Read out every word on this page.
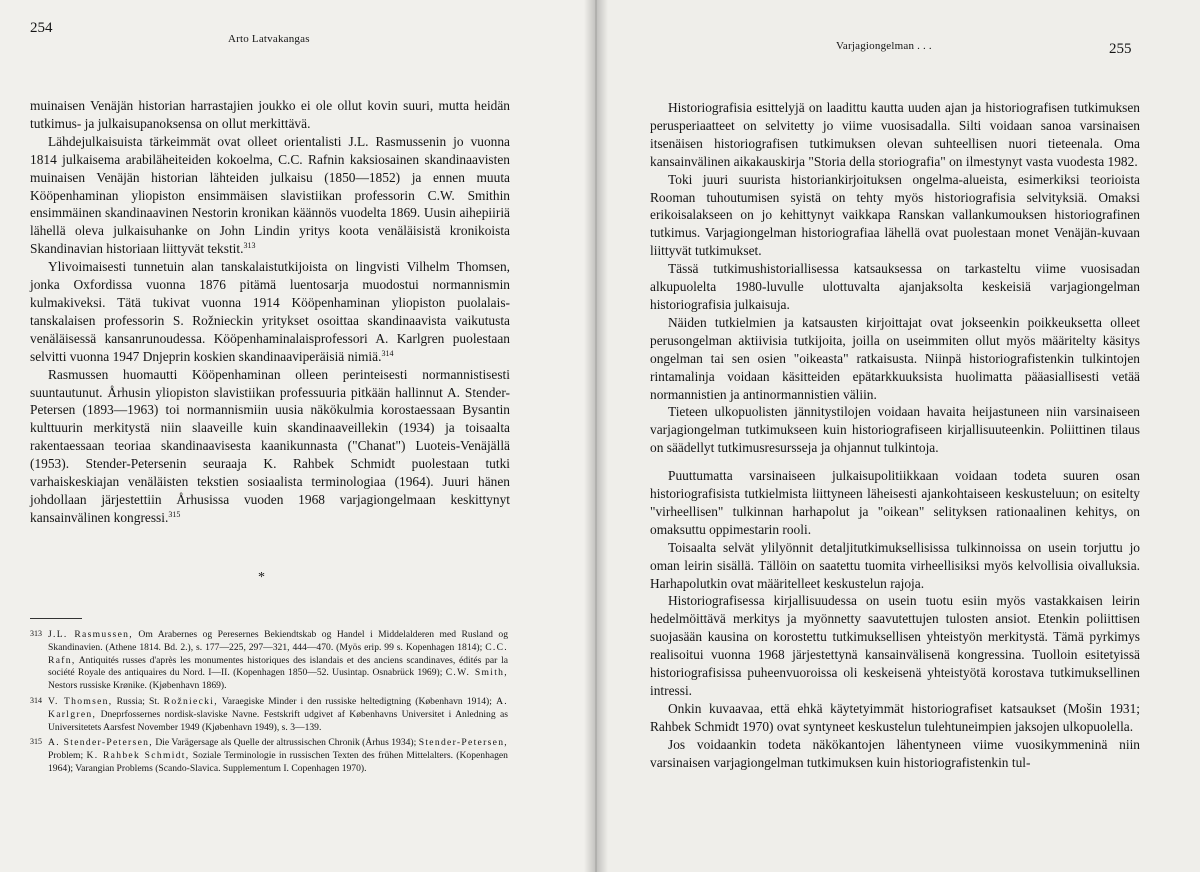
254
Arto Latvakangas

muinaisen Venäjän historian harrastajien joukko ei ole ollut kovin suuri, mutta heidän tutkimus- ja julkaisupanoksensa on ollut merkittävä.

Lähdejulkaisuista tärkeimmät ovat olleet orientalisti J.L. Rasmussenin jo vuonna 1814 julkaisema arabiläheiteiden kokoelma, C.C. Rafnin kaksiosainen skandinaavisten muinaisen Venäjän historian lähteiden julkaisu (1850—1852) ja ennen muuta Kööpenhaminan yliopiston ensimmäisen slavistiikan professorin C.W. Smithin ensimmäinen skandinaavinen Nestorin kronikan käännös vuodelta 1869. Uusin aihepiiriä lähellä oleva julkaisuhanke on John Lindin yritys koota venäläisistä kronikoista Skandinavian historiaan liittyvät tekstit.$^{313}$

Ylivoimaisesti tunnetuin alan tanskalaistutkijoista on lingvisti Vilhelm Thomsen, jonka Oxfordissa vuonna 1876 pitämä luentosarja muodostui normannismin kulmakiveksi. Tätä tukivat vuonna 1914 Kööpenhaminan yliopiston puolalais-tanskalaisen professorin S. Rožnieckin yritykset osoittaa skandinaavista vaikutusta venäläisessä kansanrunoudessa. Kööpenhaminalaisprofessori A. Karlgren puolestaan selvitti vuonna 1947 Dnjeprin koskien skandinaaviperäisiä nimiä.$^{314}$

Rasmussen huomautti Kööpenhaminan olleen perinteisesti normannistisesti suuntautunut. Århusin yliopiston slavistiikan professuuria pitkään hallinnut A. Stender-Petersen (1893—1963) toi normannismiin uusia näkökulmia korostaessaan Bysantin kulttuurin merkitystä niin slaaveille kuin skandinaaveillekin (1934) ja toisaalta rakentaessaan teoriaa skandinaavisesta kaanikunnasta ("Chanat") Luoteis-Venäjällä (1953). Stender-Petersenin seuraaja K. Rahbek Schmidt puolestaan tutki varhaiskeskiajan venäläisten tekstien sosiaalista terminologiaa (1964). Juuri hänen johdollaan järjestettiin Århusissa vuoden 1968 varjagiongelmaan keskittynyt kansainvälinen kongressi.$^{315}$

*
313 J.L. Rasmussen, Om Arabernes og Peresernes Bekiendtskab og Handel i Middelalderen med Rusland og Skandinavien. (Athene 1814. Bd. 2.), s. 177—225, 297—321, 444—470. (Myös erip. 99 s. Kopenhagen 1814); C.C. Rafn, Antiquités russes d'après les monumentes historiques des islandais et des anciens scandinaves, édités par la société Royale des antiquaires du Nord. I—II. (Kopenhagen 1850—52. Uusintap. Osnabrück 1969); C.W. Smith, Nestors russiske Krønike. (Kjøbenhavn 1869).
314 V. Thomsen, Russia; St. Rožniecki, Varaegiske Minder i den russiske heltedigtning (København 1914); A. Karlgren, Dneprfossernes nordisk-slaviske Navne. Festskrift udgivet af Københavns Universitet i Anledning as Universitetets Aarsfest November 1949 (Kjøbenhavn 1949), s. 3—139.
315 A. Stender-Petersen, Die Varägersage als Quelle der altrussischen Chronik (Århus 1934); Stender-Petersen, Problem; K. Rahbek Schmidt, Soziale Terminologie in russischen Texten des frühen Mittelalters. (Kopenhagen 1964); Varangian Problems (Scando-Slavica. Supplementum I. Copenhagen 1970).
Varjagiongelman . . .	255

Historiografisia esittelyjä on laadittu kautta uuden ajan ja historiografisen tutkimuksen perusperiaatteet on selvitetty jo viime vuosisadalla. Silti voidaan sanoa varsinaisen itsenäisen historiografisen tutkimuksen olevan suhteellisen nuori tieteenala. Oma kansainvälinen aikakauskirja "Storia della storiografia" on ilmestynyt vasta vuodesta 1982.

Toki juuri suurista historiankirjoituksen ongelma-alueista, esimerkiksi teorioista Rooman tuhoutumisen syistä on tehty myös historiografisia selvityksiä. Omaksi erikoisalakseen on jo kehittynyt vaikkapa Ranskan vallankumouksen historiografinen tutkimus. Varjagiongelman historiografiaa lähellä ovat puolestaan monet Venäjän-kuvaan liittyvät tutkimukset.

Tässä tutkimushistoriallisessa katsauksessa on tarkasteltu viime vuosisadan alkupuolelta 1980-luvulle ulottuvalta ajanjaksolta keskeisiä varjagiongelman historiografisia julkaisuja.

Näiden tutkielmien ja katsausten kirjoittajat ovat jokseenkin poikkeuksetta olleet perusongelman aktiivisia tutkijoita, joilla on useimmiten ollut myös määritelty käsitys ongelman tai sen osien "oikeasta" ratkaisusta. Niinpä historiografistenkin tulkintojen rintamalinja voidaan käsitteiden epätarkkuuksista huolimatta pääasiallisesti vetää normannistien ja antinormannistien väliin.

Tieteen ulkopuolisten jännitystilojen voidaan havaita heijastuneen niin varsinaiseen varjagiongelman tutkimukseen kuin historiografiseen kirjallisuuteenkin. Poliittinen tilaus on säädellyt tutkimusresursseja ja ohjannut tulkintoja.

Puuttumatta varsinaiseen julkaisupolitiikkaan voidaan todeta suuren osan historiografisista tutkielmista liittyneen läheisesti ajankohtaiseen keskusteluun; on esitelty "virheellisen" tulkinnan harhapolut ja "oikean" selityksen rationaalinen kehitys, on omaksuttu oppimestarin rooli.

Toisaalta selvät ylilyönnit detaljitutkimuksellisissa tulkinnoissa on usein torjuttu jo oman leirin sisällä. Tällöin on saatettu tuomita virheellisiksi myös kelvollisia oivalluksia. Harhapolutkin ovat määritelleet keskustelun rajoja.

Historiografisessa kirjallisuudessa on usein tuotu esiin myös vastakkaisen leirin hedelmöittävä merkitys ja myönnetty saavutettujen tulosten ansiot. Etenkin poliittisen suojasään kausina on korostettu tutkimuksellisen yhteistyön merkitystä. Tämä pyrkimys realisoitui vuonna 1968 järjestettynä kansainvälisenä kongressina. Tuolloin esitetyissä historiografisissa puheenvuoroissa oli keskeisenä yhteistyötä korostava tutkimuksellinen intressi.

Onkin kuvaavaa, että ehkä käytetyimmät historiografiset katsaukset (Mošin 1931; Rahbek Schmidt 1970) ovat syntyneet keskustelun tulehtuneimpien jaksojen ulkopuolella.

Jos voidaankin todeta näkökantojen lähentyneen viime vuosikymmeninä niin varsinaisen varjagiongelman tutkimuksen kuin historiografistenkin tul-
